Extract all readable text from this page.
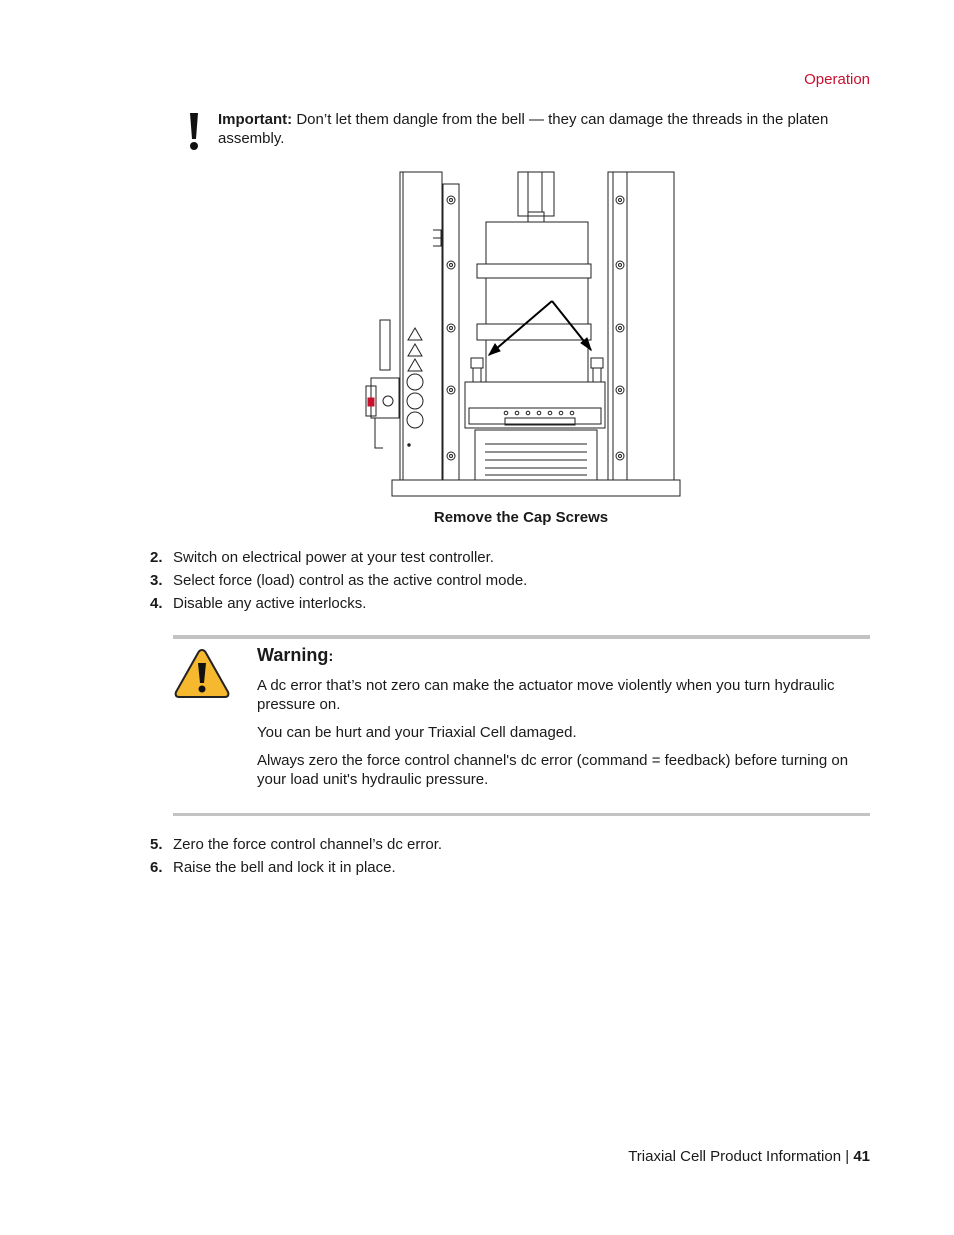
Operation
Important: Don’t let them dangle from the bell — they can damage the threads in the platen assembly.
Remove the Cap Screws
2. Switch on electrical power at your test controller.
3. Select force (load) control as the active control mode.
4. Disable any active interlocks.
Warning:

A dc error that’s not zero can make the actuator move violently when you turn hydraulic pressure on.

You can be hurt and your Triaxial Cell damaged.

Always zero the force control channel's dc error (command = feedback) before turning on your load unit's hydraulic pressure.

5. Zero the force control channel’s dc error.
6. Raise the bell and lock it in place.
Triaxial Cell Product Information | 41
